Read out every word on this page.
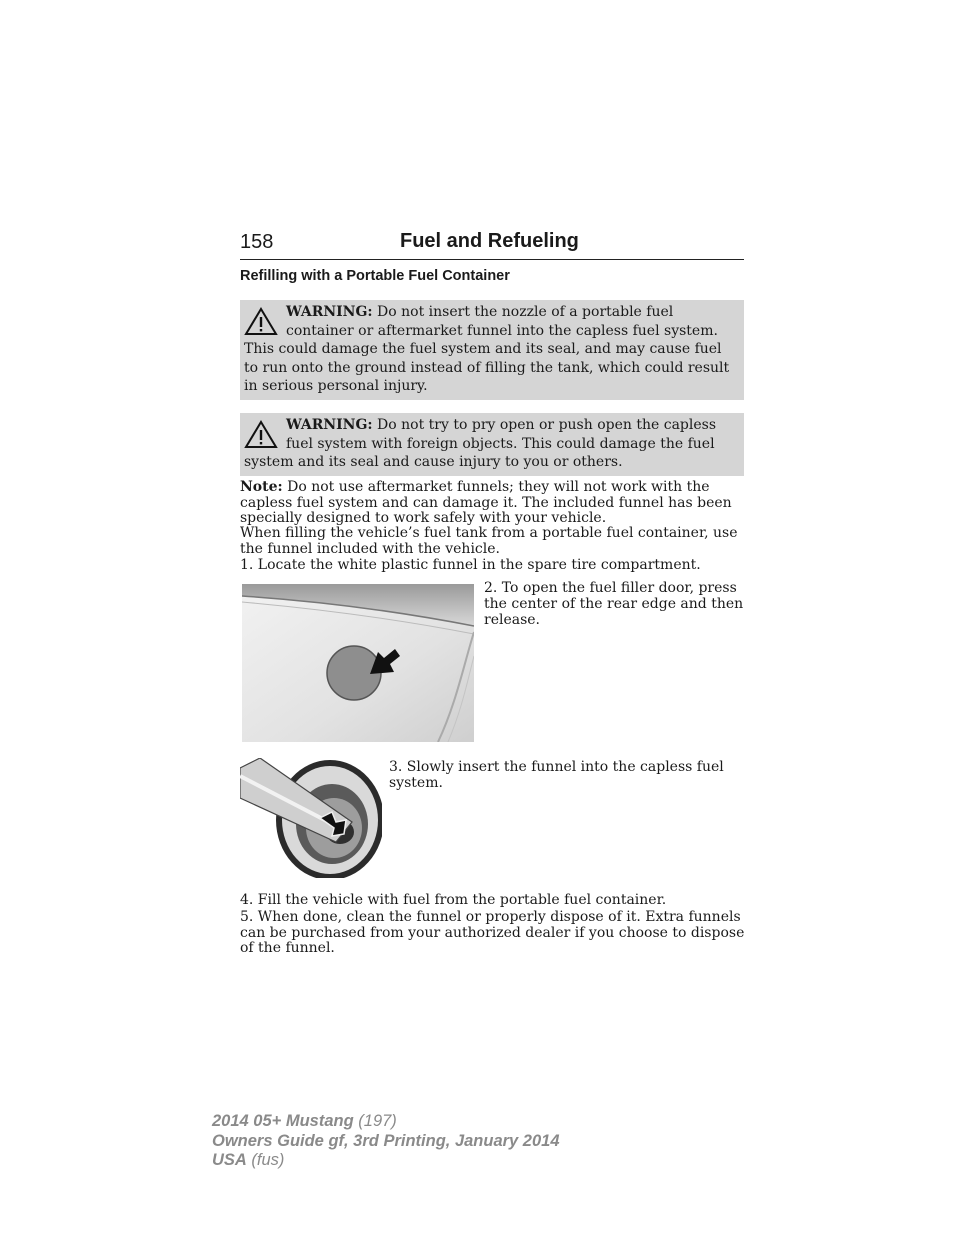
158	Fuel and Refueling
Refilling with a Portable Fuel Container
WARNING: Do not insert the nozzle of a portable fuel container or aftermarket funnel into the capless fuel system. This could damage the fuel system and its seal, and may cause fuel to run onto the ground instead of filling the tank, which could result in serious personal injury.
WARNING: Do not try to pry open or push open the capless fuel system with foreign objects. This could damage the fuel system and its seal and cause injury to you or others.
Note: Do not use aftermarket funnels; they will not work with the capless fuel system and can damage it. The included funnel has been specially designed to work safely with your vehicle.
When filling the vehicle’s fuel tank from a portable fuel container, use the funnel included with the vehicle.
1. Locate the white plastic funnel in the spare tire compartment.
2. To open the fuel filler door, press the center of the rear edge and then release.
3. Slowly insert the funnel into the capless fuel system.
4. Fill the vehicle with fuel from the portable fuel container.
5. When done, clean the funnel or properly dispose of it. Extra funnels can be purchased from your authorized dealer if you choose to dispose of the funnel.
2014 05+ Mustang (197)
Owners Guide gf, 3rd Printing, January 2014
USA (fus)
